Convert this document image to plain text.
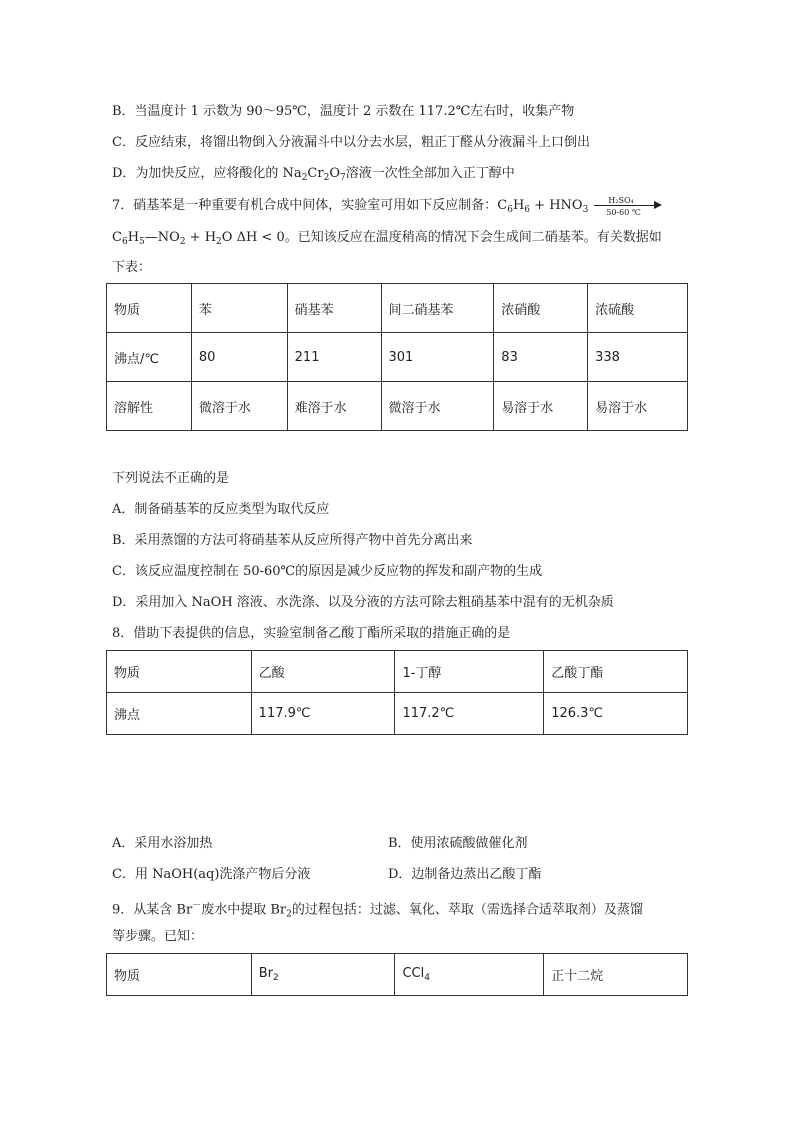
B．当温度计 1 示数为 90～95℃，温度计 2 示数在 117.2℃左右时，收集产物
C．反应结束，将馏出物倒入分液漏斗中以分去水层，粗正丁醛从分液漏斗上口倒出
D．为加快反应，应将酸化的 $Na_2Cr_2O_7$溶液一次性全部加入正丁醇中
7．硝基苯是一种重要有机合成中间体，实验室可用如下反应制备：$C_6H_6 + HNO_3$
H₂SO₄
50-60 ℃
$C_6H_5—NO_2 + H_2O$ ΔH < 0。已知该反应在温度稍高的情况下会生成间二硝基苯。有关数据如
下表：
物质	苯	硝基苯	间二硝基苯	浓硝酸	浓硫酸
沸点/℃	80	211	301	83	338
溶解性	微溶于水	难溶于水	微溶于水	易溶于水	易溶于水
下列说法不正确的是
A．制备硝基苯的反应类型为取代反应
B．采用蒸馏的方法可将硝基苯从反应所得产物中首先分离出来
C．该反应温度控制在 50-60℃的原因是减少反应物的挥发和副产物的生成
D．采用加入 NaOH 溶液、水洗涤、以及分液的方法可除去粗硝基苯中混有的无机杂质
8．借助下表提供的信息，实验室制备乙酸丁酯所采取的措施正确的是
物质	乙酸	1-丁醇	乙酸丁酯
沸点	117.9℃	117.2℃	126.3℃
A．采用水浴加热	B．使用浓硫酸做催化剂
C．用 NaOH(aq)洗涤产物后分液	D．边制备边蒸出乙酸丁酯
9．从某含 Br－废水中提取 $Br_2$的过程包括：过滤、氧化、萃取（需选择合适萃取剂）及蒸馏
等步骤。已知：
物质	$Br_2$	CCl$_4$	正十二烷
